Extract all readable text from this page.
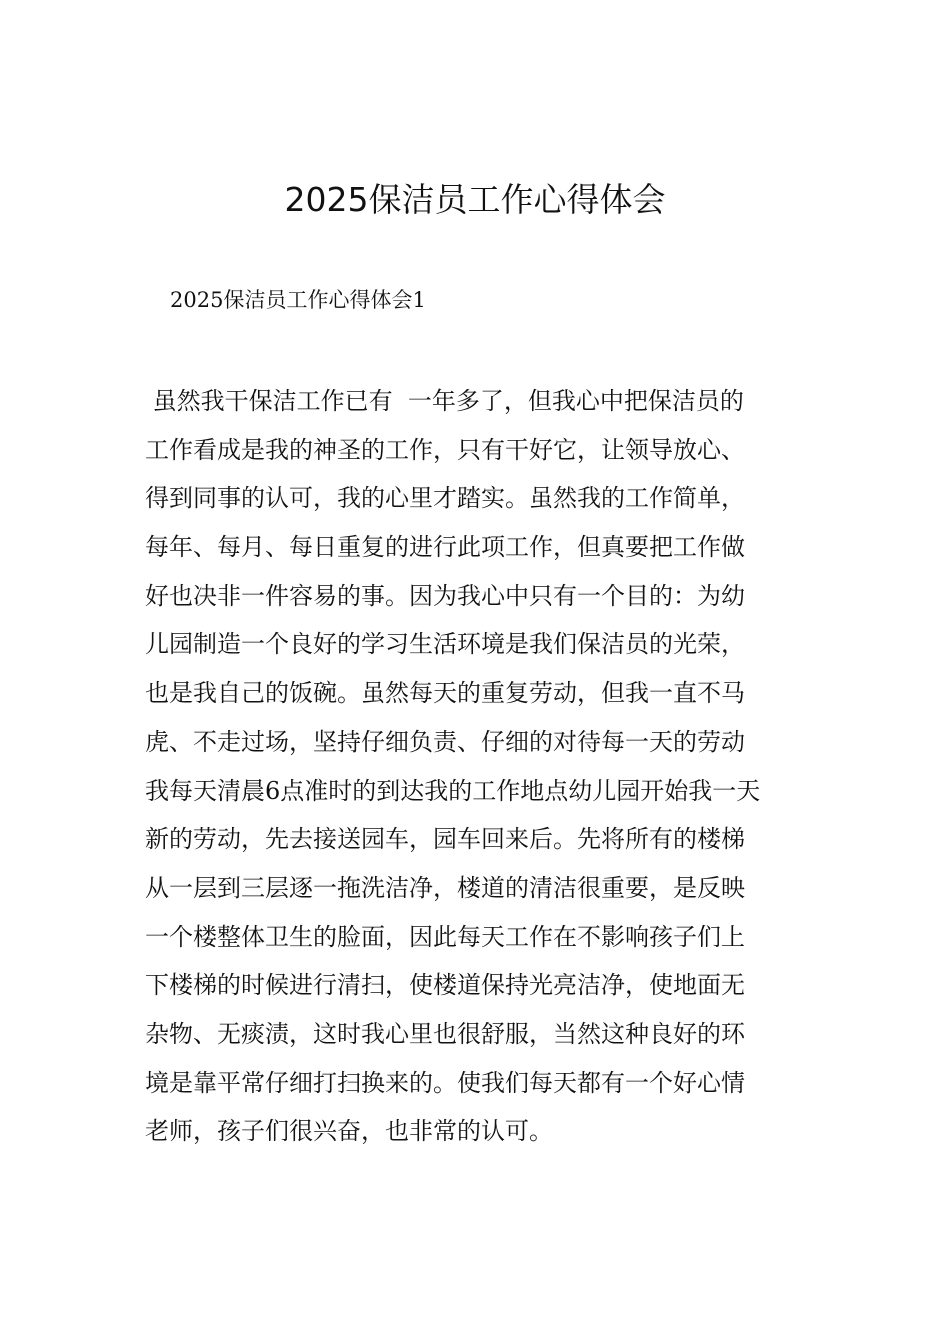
2025保洁员工作心得体会

2025保洁员工作心得体会1

虽然我干保洁工作已有  一年多了，但我心中把保洁员的
工作看成是我的神圣的工作，只有干好它，让领导放心、
得到同事的认可，我的心里才踏实。虽然我的工作简单，
每年、每月、每日重复的进行此项工作，但真要把工作做
好也决非一件容易的事。因为我心中只有一个目的：为幼
儿园制造一个良好的学习生活环境是我们保洁员的光荣，
也是我自己的饭碗。虽然每天的重复劳动，但我一直不马
虎、不走过场，坚持仔细负责、仔细的对待每一天的劳动
我每天清晨6点准时的到达我的工作地点幼儿园开始我一天
新的劳动，先去接送园车，园车回来后。先将所有的楼梯
从一层到三层逐一拖洗洁净，楼道的清洁很重要，是反映
一个楼整体卫生的脸面，因此每天工作在不影响孩子们上
下楼梯的时候进行清扫，使楼道保持光亮洁净，使地面无
杂物、无痰渍，这时我心里也很舒服，当然这种良好的环
境是靠平常仔细打扫换来的。使我们每天都有一个好心情
老师，孩子们很兴奋，也非常的认可。
